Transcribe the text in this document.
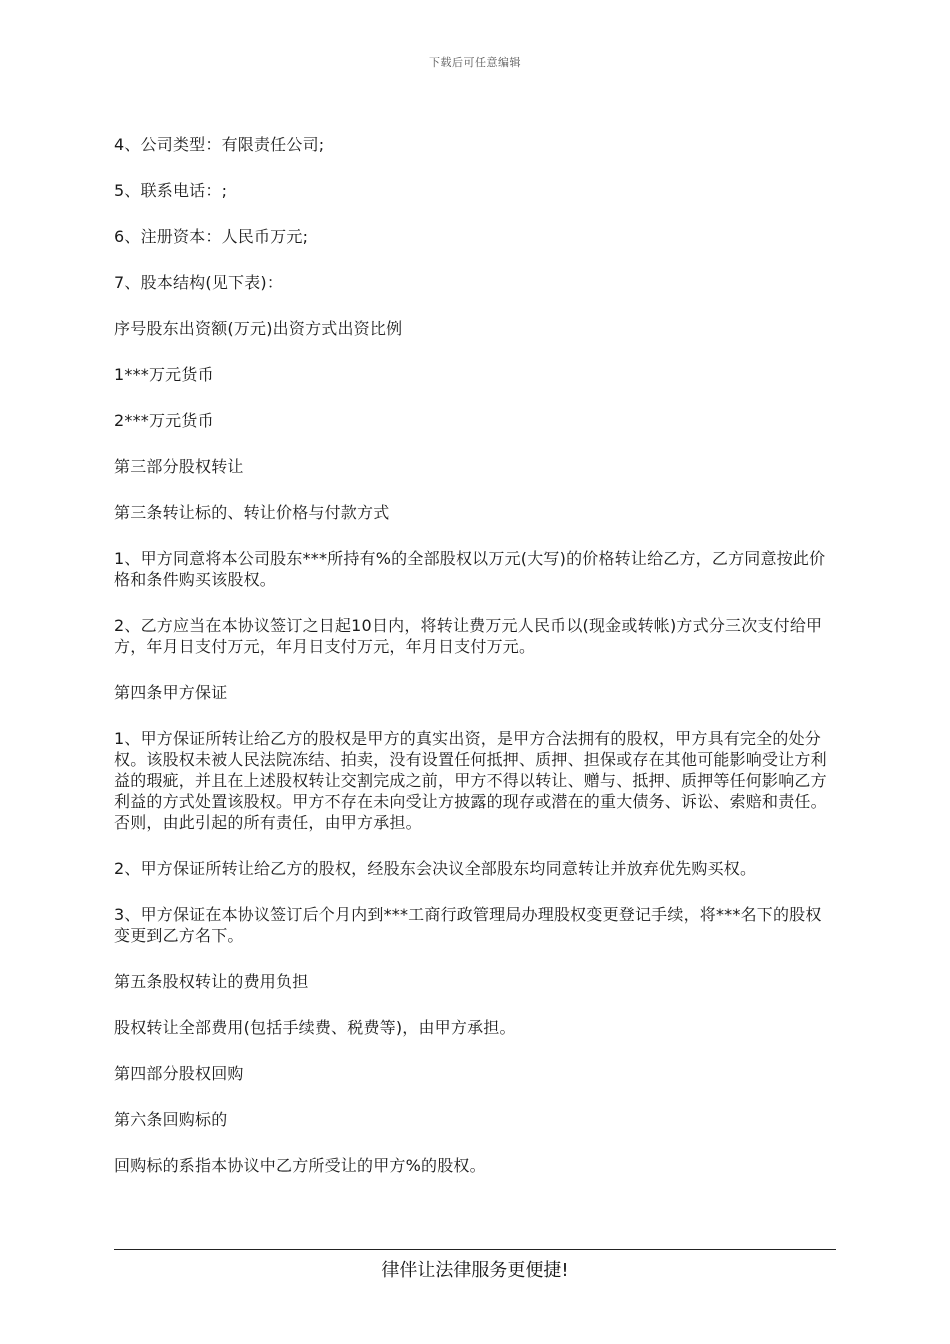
下载后可任意编辑

4、公司类型：有限责任公司;

5、联系电话：;

6、注册资本：人民币万元;

7、股本结构(见下表)：

序号股东出资额(万元)出资方式出资比例

1***万元货币

2***万元货币

第三部分股权转让

第三条转让标的、转让价格与付款方式

1、甲方同意将本公司股东***所持有%的全部股权以万元(大写)的价格转让给乙方，乙方同意按此价格和条件购买该股权。

2、乙方应当在本协议签订之日起10日内，将转让费万元人民币以(现金或转帐)方式分三次支付给甲方，年月日支付万元，年月日支付万元，年月日支付万元。

第四条甲方保证

1、甲方保证所转让给乙方的股权是甲方的真实出资，是甲方合法拥有的股权，甲方具有完全的处分权。该股权未被人民法院冻结、拍卖，没有设置任何抵押、质押、担保或存在其他可能影响受让方利益的瑕疵，并且在上述股权转让交割完成之前，甲方不得以转让、赠与、抵押、质押等任何影响乙方利益的方式处置该股权。甲方不存在未向受让方披露的现存或潜在的重大债务、诉讼、索赔和责任。否则，由此引起的所有责任，由甲方承担。

2、甲方保证所转让给乙方的股权，经股东会决议全部股东均同意转让并放弃优先购买权。

3、甲方保证在本协议签订后个月内到***工商行政管理局办理股权变更登记手续，将***名下的股权变更到乙方名下。

第五条股权转让的费用负担

股权转让全部费用(包括手续费、税费等)，由甲方承担。

第四部分股权回购

第六条回购标的

回购标的系指本协议中乙方所受让的甲方%的股权。

律伴让法律服务更便捷!
